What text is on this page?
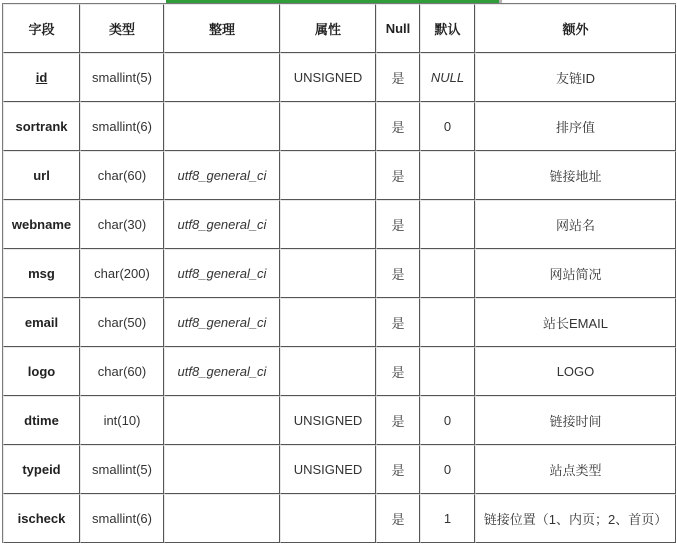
字段	类型	整理	属性	Null	默认	额外
id	smallint(5)		UNSIGNED	是	NULL	友链ID
sortrank	smallint(6)			是	0	排序值
url	char(60)	utf8_general_ci		是		链接地址
webname	char(30)	utf8_general_ci		是		网站名
msg	char(200)	utf8_general_ci		是		网站简况
email	char(50)	utf8_general_ci		是		站长EMAIL
logo	char(60)	utf8_general_ci		是		LOGO
dtime	int(10)		UNSIGNED	是	0	链接时间
typeid	smallint(5)		UNSIGNED	是	0	站点类型
ischeck	smallint(6)			是	1	链接位置（1、内页；2、首页）
